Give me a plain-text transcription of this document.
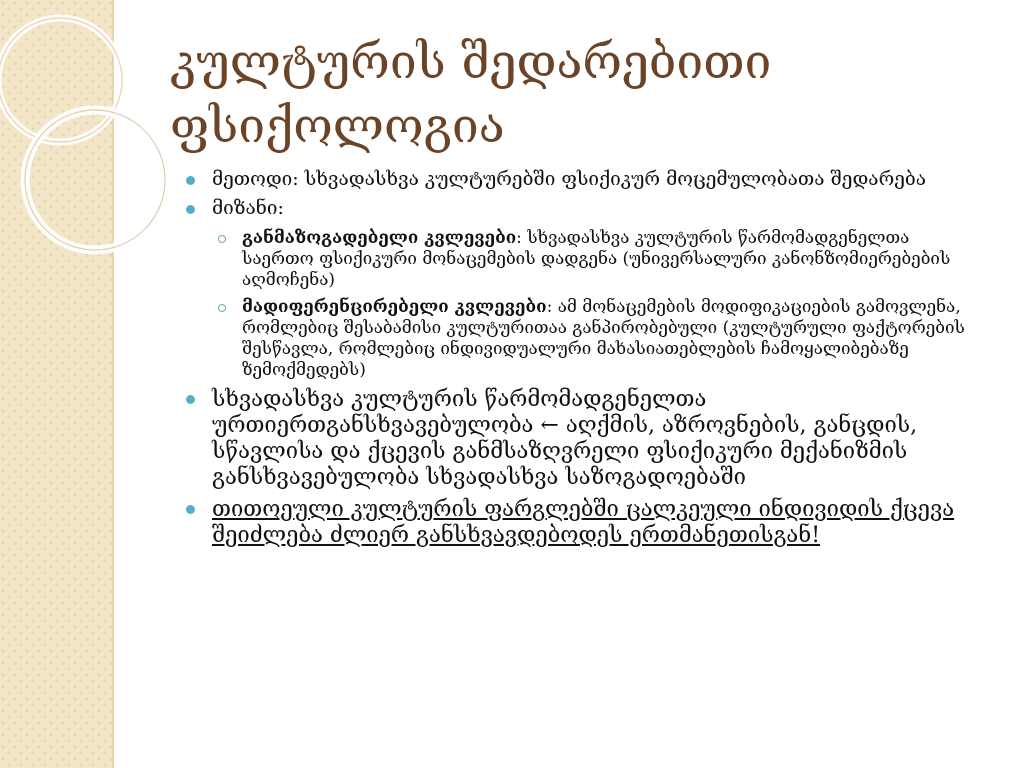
კულტურის შედარებითი ფსიქოლოგია
მეთოდი: სხვადასხვა კულტურებში ფსიქიკურ მოცემულობათა შედარება
მიზანი:
განმაზოგადებელი კვლევები: სხვადასხვა კულტურის წარმომადგენელთა საერთო ფსიქიკური მონაცემების დადგენა (უნივერსალური კანონზომიერებების აღმოჩენა)
მადიფერენცირებელი კვლევები: ამ მონაცემების მოდიფიკაციების გამოვლენა, რომლებიც შესაბამისი კულტურითაა განპირობებული (კულტურული ფაქტორების შესწავლა, რომლებიც ინდივიდუალური მახასიათებლების ჩამოყალიბებაზე ზემოქმედებს)
სხვადასხვა კულტურის წარმომადგენელთა ურთიერთგანსხვავებულობა ← აღქმის, აზროვნების, განცდის, სწავლისა და ქცევის განმსაზღვრელი ფსიქიკური მექანიზმის განსხვავებულობა სხვადასხვა საზოგადოებაში
თითოეული კულტურის ფარგლებში ცალკეული ინდივიდის ქცევა შეიძლება ძლიერ განსხვავდებოდეს ერთმანეთისგან!
